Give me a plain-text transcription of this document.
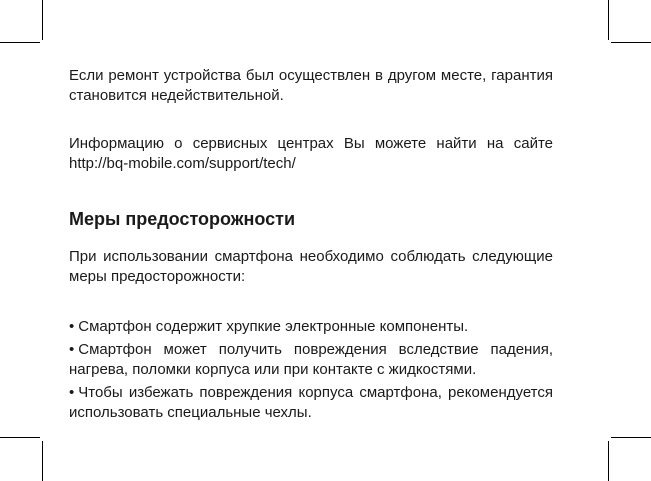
Если ремонт устройства был осуществлен в другом месте, гарантия становится недействительной.

Информацию о сервисных центрах Вы можете найти на сайте http://bq-mobile.com/support/tech/

Меры предосторожности

При использовании смартфона необходимо соблюдать следующие меры предосторожности:

• Смартфон содержит хрупкие электронные компоненты.
• Смартфон может получить повреждения вследствие падения, нагрева, поломки корпуса или при контакте с жидкостями.
• Чтобы избежать повреждения корпуса смартфона, рекомендуется использовать специальные чехлы.
